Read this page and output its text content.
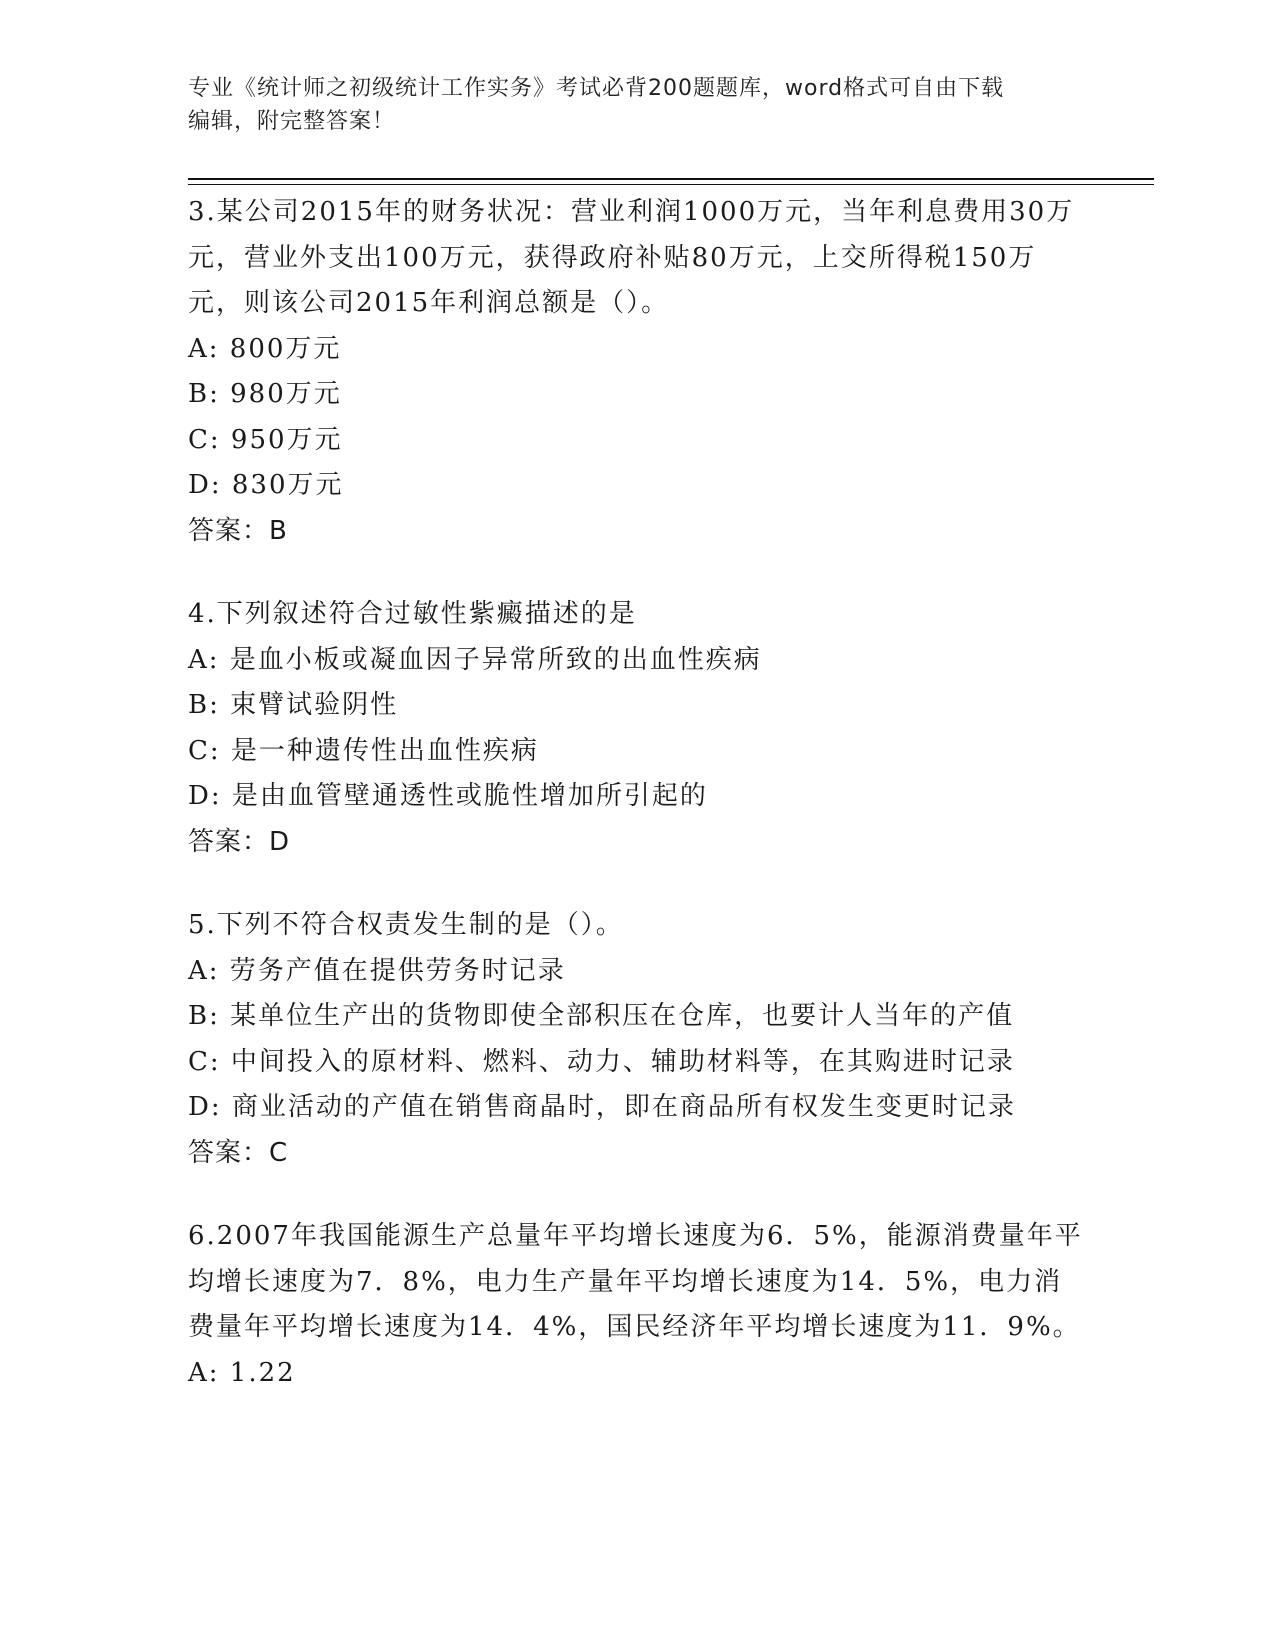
专业《统计师之初级统计工作实务》考试必背200题题库，word格式可自由下载
编辑，附完整答案！

3.某公司2015年的财务状况：营业利润1000万元，当年利息费用30万元，营业外支出100万元，获得政府补贴80万元，上交所得税150万元，则该公司2015年利润总额是（）。

A: 800万元

B: 980万元

C: 950万元

D: 830万元

答案：B

4.下列叙述符合过敏性紫癜描述的是

A: 是血小板或凝血因子异常所致的出血性疾病

B: 束臂试验阴性

C: 是一种遗传性出血性疾病

D: 是由血管壁通透性或脆性增加所引起的

答案：D

5.下列不符合权责发生制的是（）。

A: 劳务产值在提供劳务时记录

B: 某单位生产出的货物即使全部积压在仓库，也要计人当年的产值

C: 中间投入的原材料、燃料、动力、辅助材料等，在其购进时记录

D: 商业活动的产值在销售商晶时，即在商品所有权发生变更时记录

答案：C

6.2007年我国能源生产总量年平均增长速度为6．5%，能源消费量年平均增长速度为7．8%，电力生产量年平均增长速度为14．5%，电力消费量年平均增长速度为14．4%，国民经济年平均增长速度为11．9%。

A: 1.22
